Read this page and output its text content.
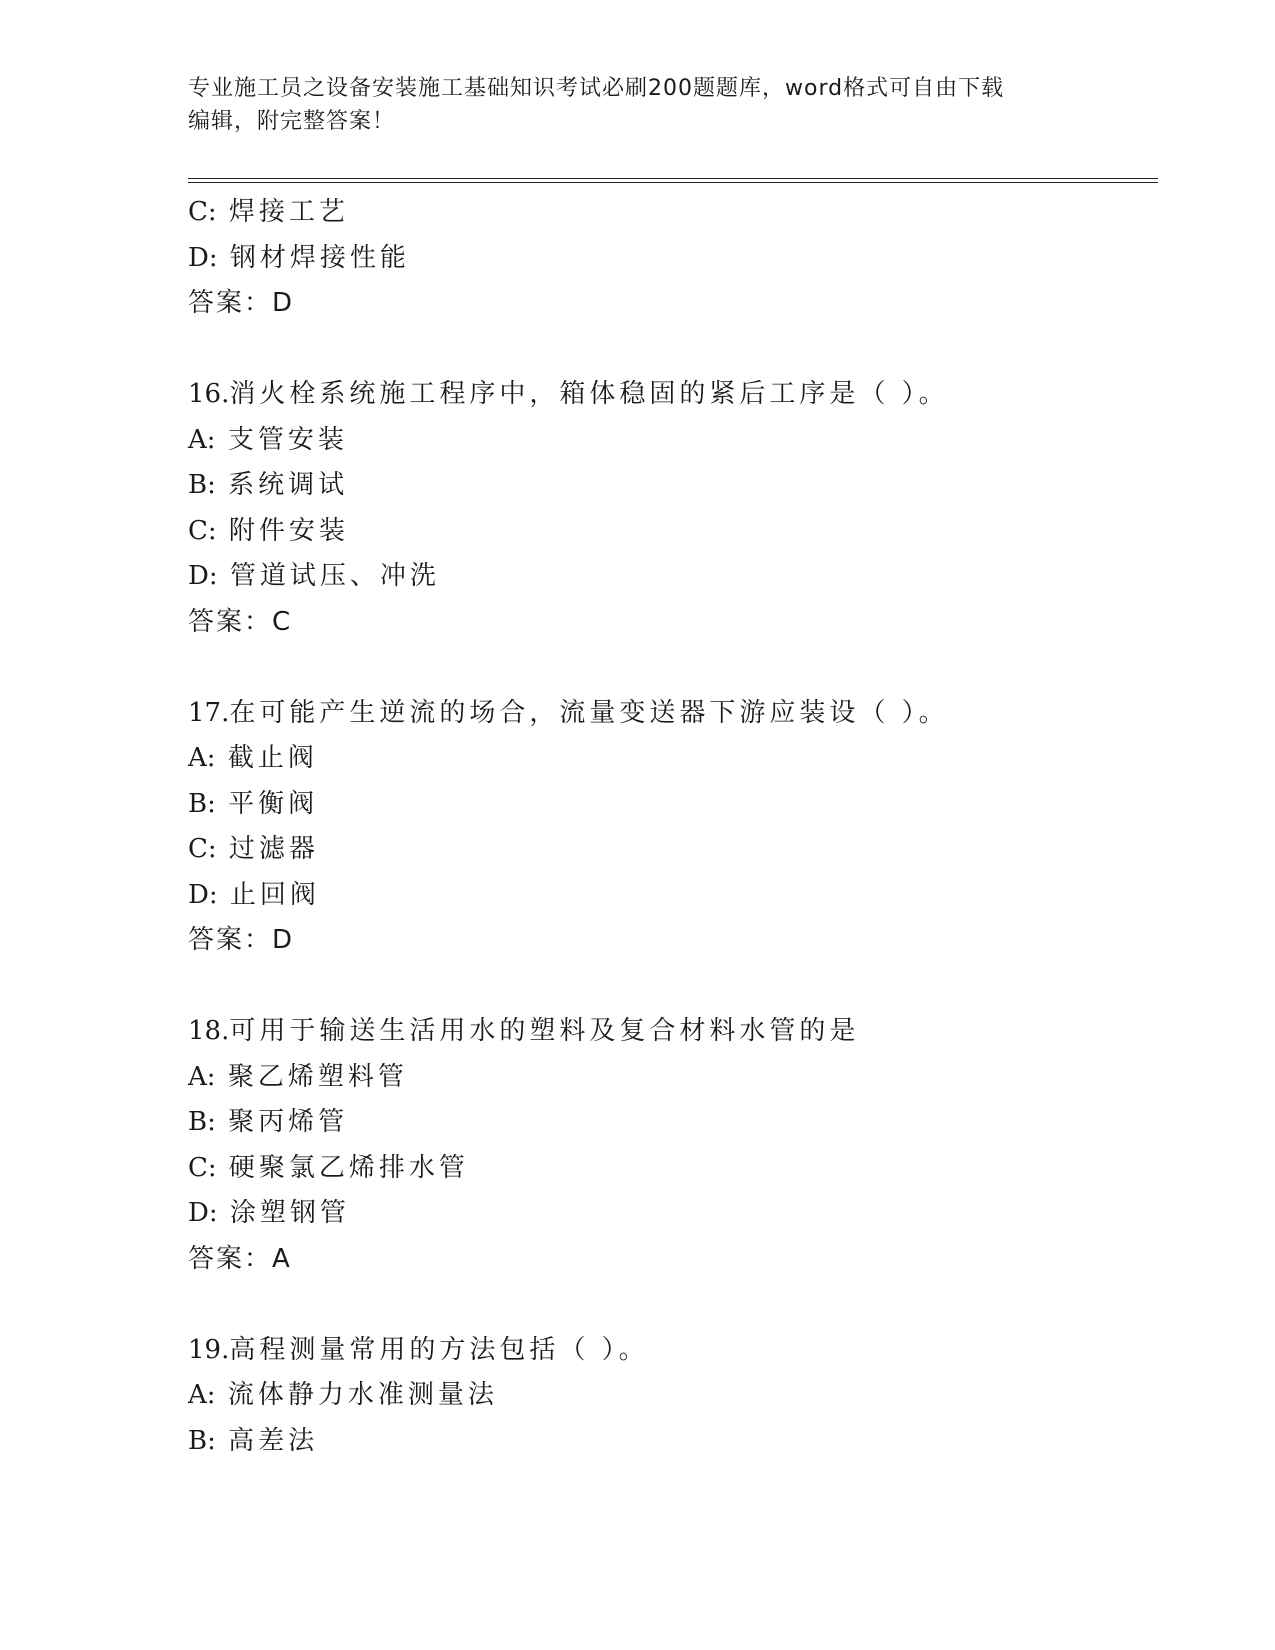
专业施工员之设备安装施工基础知识考试必刷200题题库，word格式可自由下载
编辑，附完整答案！
C: 焊接工艺
D: 钢材焊接性能
答案：D
16.消火栓系统施工程序中，箱体稳固的紧后工序是（ ）。
A: 支管安装
B: 系统调试
C: 附件安装
D: 管道试压、冲洗
答案：C
17.在可能产生逆流的场合，流量变送器下游应装设（ ）。
A: 截止阀
B: 平衡阀
C: 过滤器
D: 止回阀
答案：D
18.可用于输送生活用水的塑料及复合材料水管的是
A: 聚乙烯塑料管
B: 聚丙烯管
C: 硬聚氯乙烯排水管
D: 涂塑钢管
答案：A
19.高程测量常用的方法包括（ ）。
A: 流体静力水准测量法
B: 高差法
